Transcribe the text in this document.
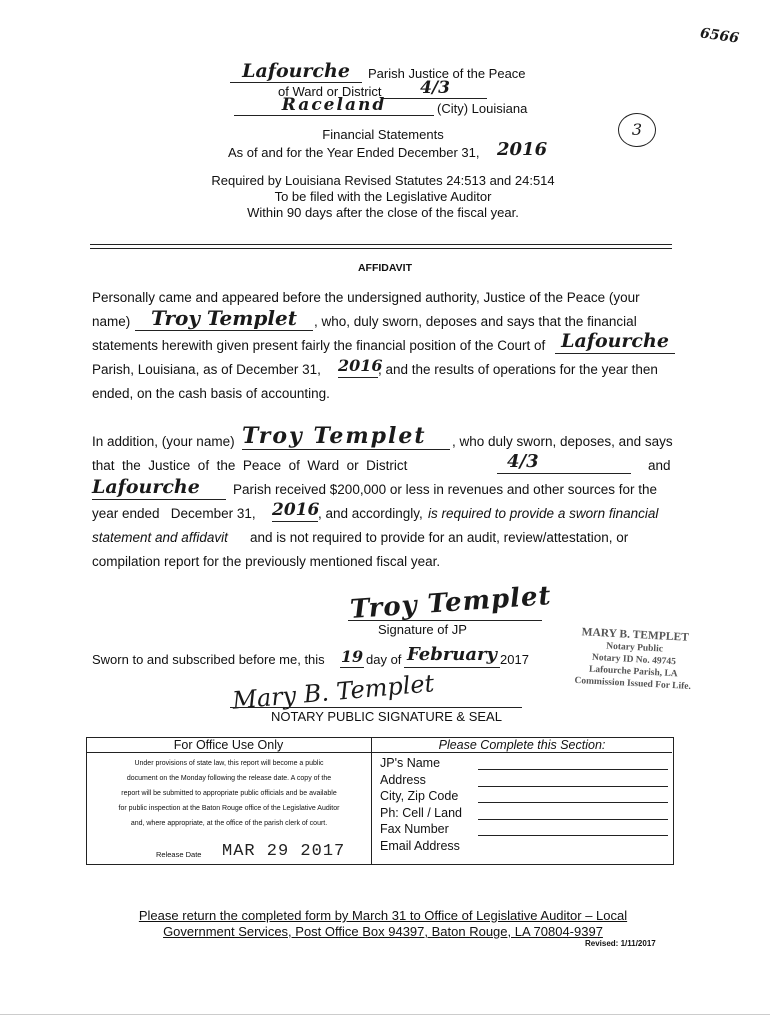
6566
Lafourche	Parish Justice of the Peace
of Ward or District	4/3
Raceland	(City) Louisiana
Financial Statements
As of and for the Year Ended December 31, 2016
Required by Louisiana Revised Statutes 24:513 and 24:514
To be filed with the Legislative Auditor
Within 90 days after the close of the fiscal year.
3
AFFIDAVIT
Personally came and appeared before the undersigned authority, Justice of the Peace (your
name)	Troy Templet	, who, duly sworn, deposes and says that the financial
statements herewith given present fairly the financial position of the Court of Lafourche
Parish, Louisiana, as of December 31, 2016
, and the results of operations for the year then
ended, on the cash basis of accounting.
In addition, (your name) Troy Templet	, who duly sworn, deposes, and says
that  the  Justice  of  the  Peace  of  Ward  or  District	4/3	and
Lafourche	Parish received $200,000 or less in revenues and other sources for the
year ended   December 31, 2016
, and accordingly, is required to provide a sworn financial
statement and affidavit and is not required to provide for an audit, review/attestation, or
compilation report for the previously mentioned fiscal year.
Troy Templet
Signature of JP
Sworn to and subscribed before me, this 19 day of February 2017
Mary B. Templet
NOTARY PUBLIC SIGNATURE & SEAL
MARY B. TEMPLET
Notary Public
Notary ID No. 49745
Lafourche Parish, LA
Commission Issued For Life.
For Office Use Only
Under provisions of state law, this report will become a public
document on the Monday following the release date. A copy of the
report will be submitted to appropriate public officials and be available
for public inspection at the Baton Rouge office of the Legislative Auditor
and, where appropriate, at the office of the parish clerk of court.
Release Date MAR 29 2017
Please Complete this Section:
JP's Name
Address
City, Zip Code
Ph: Cell / Land
Fax Number
Email Address
Please return the completed form by March 31 to Office of Legislative Auditor – Local
Government Services, Post Office Box 94397, Baton Rouge, LA 70804-9397
Revised: 1/11/2017
